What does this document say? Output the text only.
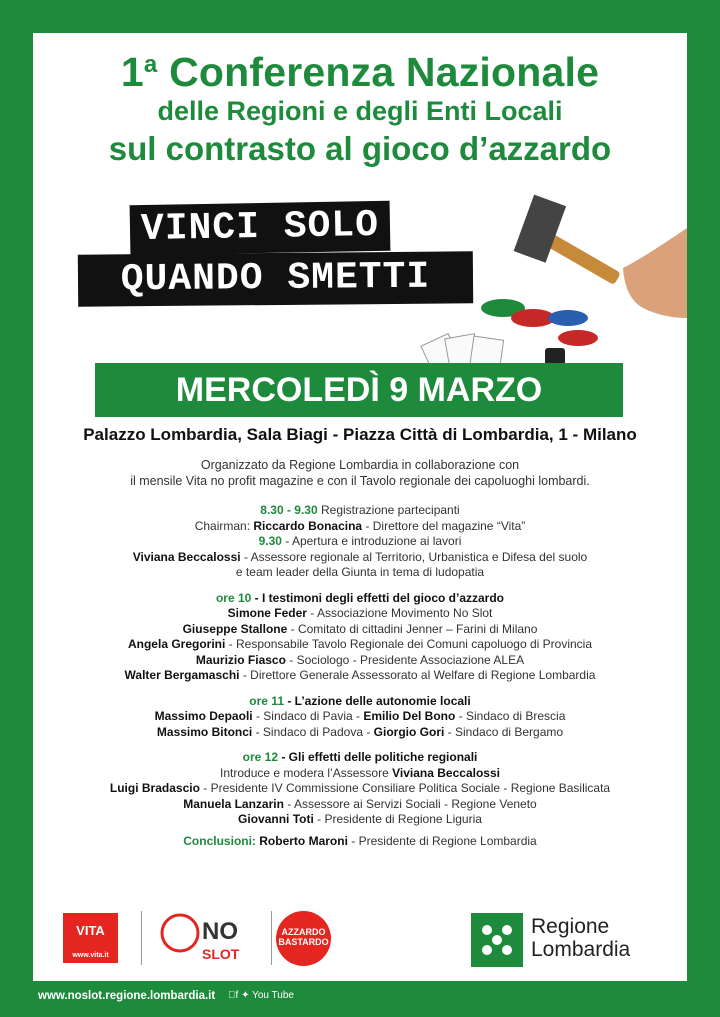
1$^a$ Conferenza Nazionale
delle Regioni e degli Enti Locali
sul contrasto al gioco d’azzardo
VINCI SOLO
QUANDO SMETTI
MERCOLEDÌ 9 MARZO
Palazzo Lombardia, Sala Biagi - Piazza Città di Lombardia, 1 - Milano
Organizzato da Regione Lombardia in collaborazione con
il mensile Vita no profit magazine e con il Tavolo regionale dei capoluoghi lombardi.
8.30 - 9.30 Registrazione partecipanti
Chairman: Riccardo Bonacina - Direttore del magazine “Vita”
9.30 - Apertura e introduzione ai lavori
Viviana Beccalossi - Assessore regionale al Territorio, Urbanistica e Difesa del suolo
e team leader della Giunta in tema di ludopatia
ore 10 - I testimoni degli effetti del gioco d’azzardo
Simone Feder - Associazione Movimento No Slot
Giuseppe Stallone - Comitato di cittadini Jenner – Farini di Milano
Angela Gregorini - Responsabile Tavolo Regionale dei Comuni capoluogo di Provincia
Maurizio Fiasco - Sociologo - Presidente Associazione ALEA
Walter Bergamaschi - Direttore Generale Assessorato al Welfare di Regione Lombardia
ore 11 - L’azione delle autonomie locali
Massimo Depaoli - Sindaco di Pavia - Emilio Del Bono - Sindaco di Brescia
Massimo Bitonci - Sindaco di Padova - Giorgio Gori - Sindaco di Bergamo
ore 12 - Gli effetti delle politiche regionali
Introduce e modera l’Assessore Viviana Beccalossi
Luigi Bradascio - Presidente IV Commissione Consiliare Politica Sociale - Regione Basilicata
Manuela Lanzarin - Assessore ai Servizi Sociali - Regione Veneto
Giovanni Toti - Presidente di Regione Liguria
Conclusioni: Roberto Maroni - Presidente di Regione Lombardia
VITA
www.vita.it
NO
SLOT
AZZARDO
BASTARDO
Regione
Lombardia
www.noslot.regione.lombardia.it f ✦ You Tube
